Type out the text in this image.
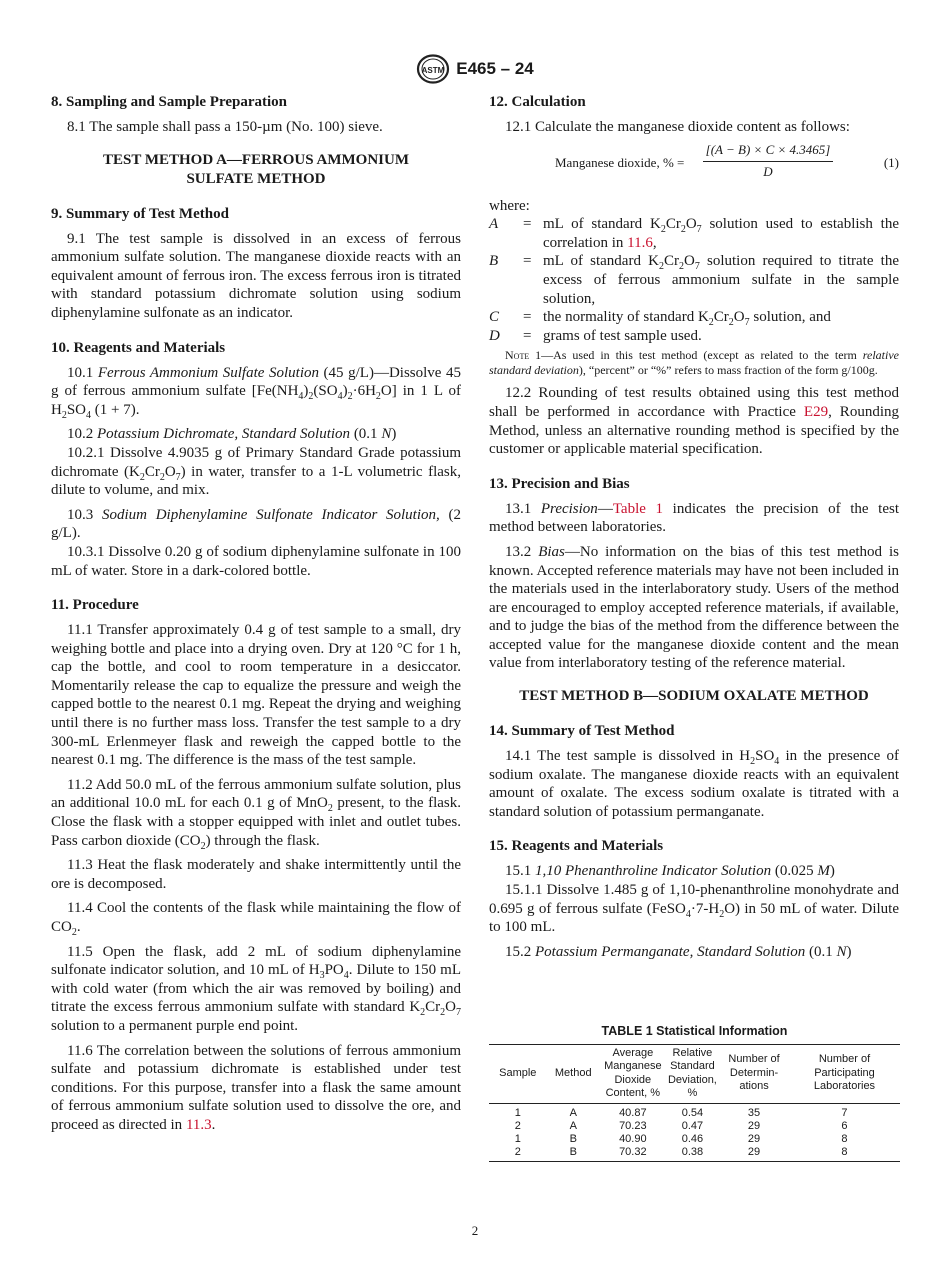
ASTM E465 – 24
8. Sampling and Sample Preparation

8.1 The sample shall pass a 150-µm (No. 100) sieve.

TEST METHOD A—FERROUS AMMONIUM
SULFATE METHOD
9. Summary of Test Method

9.1 The test sample is dissolved in an excess of ferrous ammonium sulfate solution. The manganese dioxide reacts with an equivalent amount of ferrous iron. The excess ferrous iron is titrated with standard potassium dichromate solution using sodium diphenylamine sulfonate as an indicator.

10. Reagents and Materials

10.1 Ferrous Ammonium Sulfate Solution (45 g/L)—Dissolve 45 g of ferrous ammonium sulfate $[Fe(NH_4)_2(SO_4)_2\cdot 6H_2O]$ in 1 L of $H_2SO_4$ (1 + 7).

10.2 Potassium Dichromate, Standard Solution (0.1 N)

10.2.1 Dissolve 4.9035 g of Primary Standard Grade potassium dichromate $(K_2Cr_2O_7)$ in water, transfer to a 1-L volumetric flask, dilute to volume, and mix.

10.3 Sodium Diphenylamine Sulfonate Indicator Solution, (2 g/L).

10.3.1 Dissolve 0.20 g of sodium diphenylamine sulfonate in 100 mL of water. Store in a dark-colored bottle.

11. Procedure

11.1 Transfer approximately 0.4 g of test sample to a small, dry weighing bottle and place into a drying oven. Dry at 120 °C for 1 h, cap the bottle, and cool to room temperature in a desiccator. Momentarily release the cap to equalize the pressure and weigh the capped bottle to the nearest 0.1 mg. Repeat the drying and weighing until there is no further mass loss. Transfer the test sample to a dry 300-mL Erlenmeyer flask and reweigh the capped bottle to the nearest 0.1 mg. The difference is the mass of the test sample.

11.2 Add 50.0 mL of the ferrous ammonium sulfate solution, plus an additional 10.0 mL for each 0.1 g of MnO$_2$ present, to the flask. Close the flask with a stopper equipped with inlet and outlet tubes. Pass carbon dioxide $(CO_2)$ through the flask.

11.3 Heat the flask moderately and shake intermittently until the ore is decomposed.

11.4 Cool the contents of the flask while maintaining the flow of $CO_2$.

11.5 Open the flask, add 2 mL of sodium diphenylamine sulfonate indicator solution, and 10 mL of $H_3PO_4$. Dilute to 150 mL with cold water (from which the air was removed by boiling) and titrate the excess ferrous ammonium sulfate with standard $K_2Cr_2O_7$ solution to a permanent purple end point.

11.6 The correlation between the solutions of ferrous ammonium sulfate and potassium dichromate is established under test conditions. For this purpose, transfer into a flask the same amount of ferrous ammonium sulfate solution used to dissolve the ore, and proceed as directed in 11.3.

12. Calculation

12.1 Calculate the manganese dioxide content as follows:

Manganese dioxide, % = $\frac{[(A - B) \times C \times 4.3465]}{D}$	(1)

where:

A	= mL of standard $K_2Cr_2O_7$ solution used to establish the correlation in 11.6,
B	= mL of standard $K_2Cr_2O_7$ solution required to titrate the excess of ferrous ammonium sulfate in the sample solution,
C	= the normality of standard $K_2Cr_2O_7$ solution, and
D	= grams of test sample used.

Note 1—As used in this test method (except as related to the term relative standard deviation), “percent” or “%” refers to mass fraction of the form g/100g.

12.2 Rounding of test results obtained using this test method shall be performed in accordance with Practice E29, Rounding Method, unless an alternative rounding method is specified by the customer or applicable material specification.

13. Precision and Bias

13.1 Precision—Table 1 indicates the precision of the test method between laboratories.

13.2 Bias—No information on the bias of this test method is known. Accepted reference materials may have not been included in the materials used in the interlaboratory study. Users of the method are encouraged to employ accepted reference materials, if available, and to judge the bias of the method from the difference between the accepted value for the manganese dioxide content and the mean value from interlaboratory testing of the reference material.

TEST METHOD B—SODIUM OXALATE METHOD
14. Summary of Test Method

14.1 The test sample is dissolved in $H_2SO_4$ in the presence of sodium oxalate. The manganese dioxide reacts with an equivalent amount of oxalate. The excess sodium oxalate is titrated with a standard solution of potassium permanganate.

15. Reagents and Materials

15.1 1,10 Phenanthroline Indicator Solution (0.025 M)

15.1.1 Dissolve 1.485 g of 1,10-phenanthroline monohydrate and 0.695 g of ferrous sulfate $(FeSO_4\cdot 7-H_2O)$ in 50 mL of water. Dilute to 100 mL.

15.2 Potassium Permanganate, Standard Solution (0.1 N)

TABLE 1 Statistical Information
Sample	Method	Average Manganese Dioxide Content, %	Relative Standard Deviation, %	Number of Determin-ations	Number of Participating Laboratories
1	A	40.87	0.54	35	7
2	A	70.23	0.47	29	6
1	B	40.90	0.46	29	8
2	B	70.32	0.38	29	8
2
